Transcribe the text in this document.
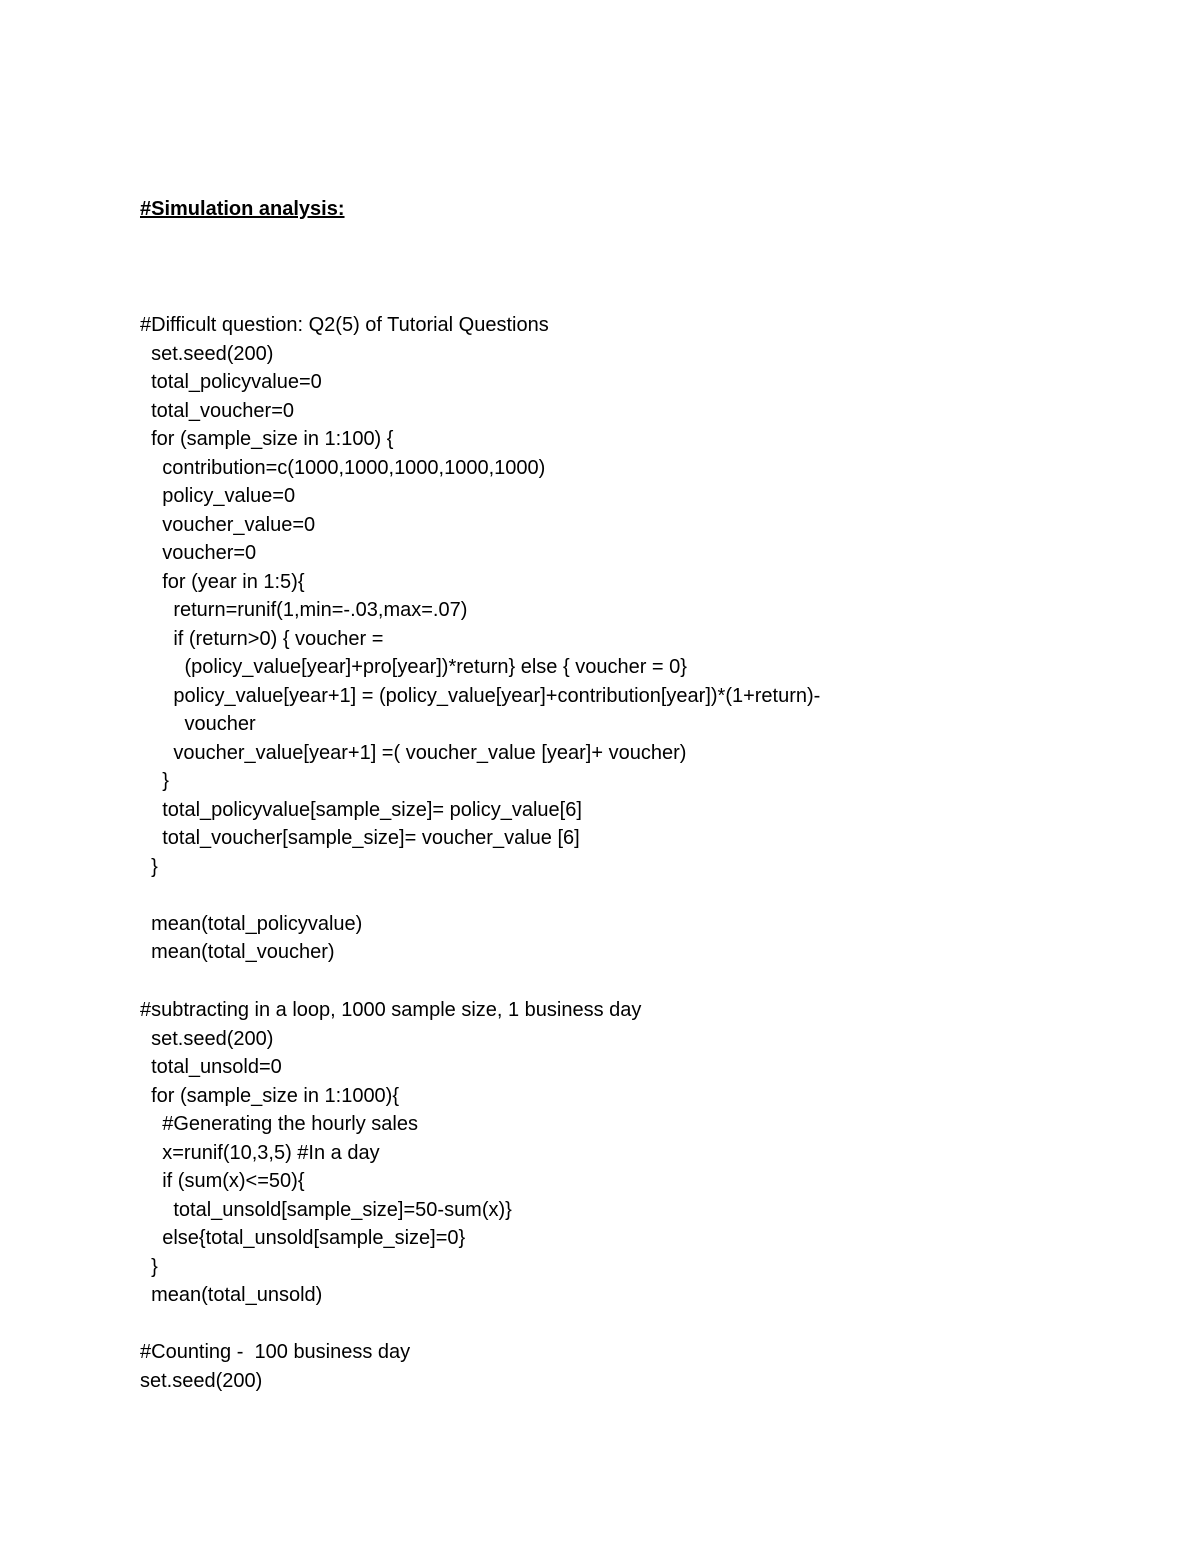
#Simulation analysis:
#Difficult question: Q2(5) of Tutorial Questions
set.seed(200)
total_policyvalue=0
total_voucher=0
for (sample_size in 1:100) {
contribution=c(1000,1000,1000,1000,1000)
policy_value=0
voucher_value=0
voucher=0
for (year in 1:5){
return=runif(1,min=-.03,max=.07)
if (return>0) { voucher =
(policy_value[year]+pro[year])*return} else { voucher = 0}
policy_value[year+1] = (policy_value[year]+contribution[year])*(1+return)-
voucher
voucher_value[year+1] =( voucher_value [year]+ voucher)
}
total_policyvalue[sample_size]= policy_value[6]
total_voucher[sample_size]= voucher_value [6]
}
mean(total_policyvalue)
mean(total_voucher)
#subtracting in a loop, 1000 sample size, 1 business day
set.seed(200)
total_unsold=0
for (sample_size in 1:1000){
#Generating the hourly sales
x=runif(10,3,5) #In a day
if (sum(x)<=50){
total_unsold[sample_size]=50-sum(x)}
else{total_unsold[sample_size]=0}
}
mean(total_unsold)
#Counting -  100 business day
set.seed(200)
